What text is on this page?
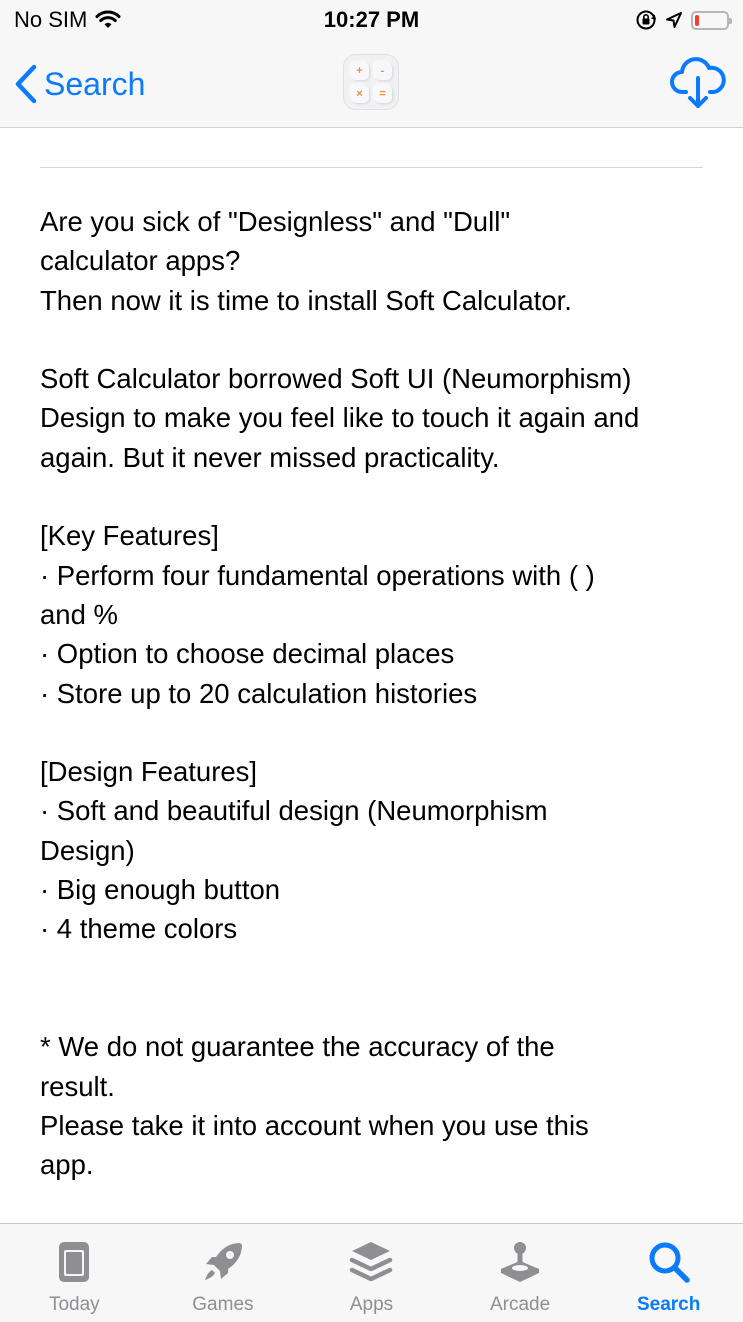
No SIM	10:27 PM
Search	+	-
×	=

Are you sick of "Designless" and "Dull"

calculator apps?

Then now it is time to install Soft Calculator.

Soft Calculator borrowed Soft UI (Neumorphism)

Design to make you feel like to touch it again and

again. But it never missed practicality.

[Key Features]

· Perform four fundamental operations with ( )

and %

· Option to choose decimal places

· Store up to 20 calculation histories

[Design Features]

· Soft and beautiful design (Neumorphism

Design)

· Big enough button

· 4 theme colors

* We do not guarantee the accuracy of the

result.

Please take it into account when you use this

app.

Today	Games	Apps	Arcade	Search
